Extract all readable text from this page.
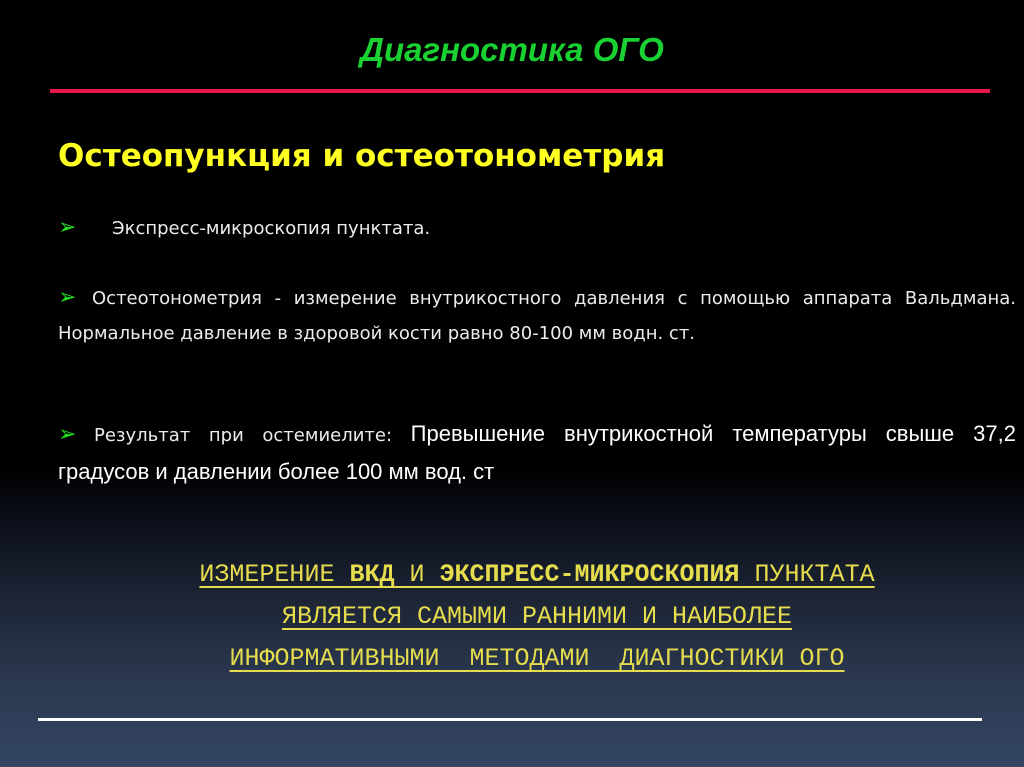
Диагностика ОГО
Остеопункция и остеотонометрия
➢ Экспресс-микроскопия пунктата.
➢ Остеотонометрия - измерение внутрикостного давления с помощью аппарата Вальдмана. Нормальное давление в здоровой кости равно 80-100 мм водн. ст.
➢ Результат при остемиелите: Превышение внутрикостной температуры свыше 37,2 градусов и давлении более 100 мм вод. ст
ИЗМЕРЕНИЕ ВКД И ЭКСПРЕСС-МИКРОСКОПИЯ ПУНКТАТА
ЯВЛЯЕТСЯ САМЫМИ РАННИМИ И НАИБОЛЕЕ
ИНФОРМАТИВНЫМИ  МЕТОДАМИ  ДИАГНОСТИКИ ОГО
